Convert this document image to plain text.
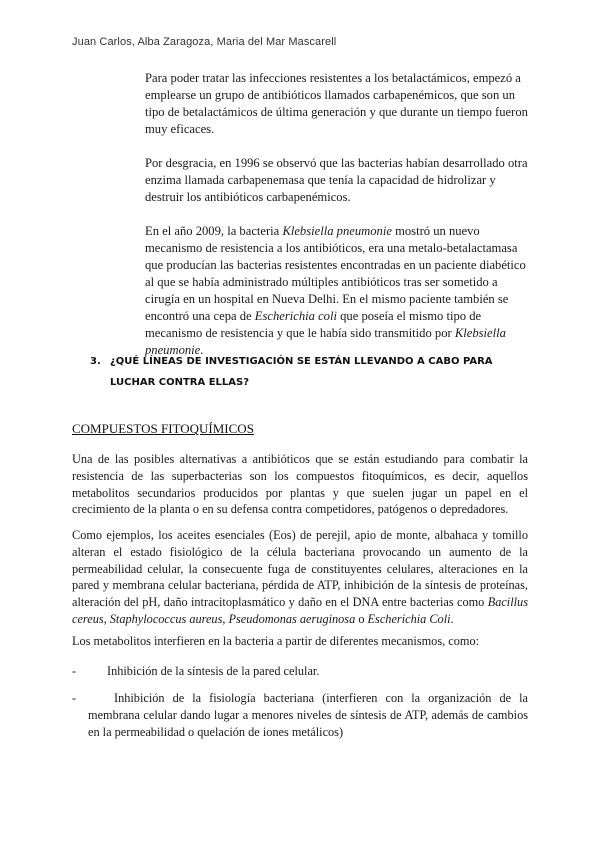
Juan Carlos, Alba Zaragoza, Maria del Mar Mascarell

Para poder tratar las infecciones resistentes a los betalactámicos, empezó a emplearse un grupo de antibióticos llamados carbapenémicos, que son un tipo de betalactámicos de última generación y que durante un tiempo fueron muy eficaces.

Por desgracia, en 1996 se observó que las bacterias habían desarrollado otra enzima llamada carbapenemasa que tenía la capacidad de hidrolizar y destruir los antibióticos carbapenémicos.

En el año 2009, la bacteria Klebsiella pneumonie mostró un nuevo mecanismo de resistencia a los antibióticos, era una metalo-betalactamasa que producían las bacterias resistentes encontradas en un paciente diabético al que se había administrado múltiples antibióticos tras ser sometido a cirugía en un hospital en Nueva Delhi. En el mismo paciente también se encontró una cepa de Escherichia coli que poseía el mismo tipo de mecanismo de resistencia y que le había sido transmitido por Klebsiella pneumonie.

3. ¿QUÉ LÍNEAS DE INVESTIGACIÓN SE ESTÁN LLEVANDO A CABO PARA LUCHAR CONTRA ELLAS?
COMPUESTOS FITOQUÍMICOS
Una de las posibles alternativas a antibióticos que se están estudiando para combatir la resistencia de las superbacterias son los compuestos fitoquímicos, es decir, aquellos metabolitos secundarios producidos por plantas y que suelen jugar un papel en el crecimiento de la planta o en su defensa contra competidores, patógenos o depredadores.
Como ejemplos, los aceites esenciales (Eos) de perejil, apio de monte, albahaca y tomillo alteran el estado fisiológico de la célula bacteriana provocando un aumento de la permeabilidad celular, la consecuente fuga de constituyentes celulares, alteraciones en la pared y membrana celular bacteriana, pérdida de ATP, inhibición de la síntesis de proteínas, alteración del pH, daño intracitoplasmático y daño en el DNA entre bacterias como Bacillus cereus, Staphylococcus aureus, Pseudomonas aeruginosa o Escherichia Coli.
Los metabolitos interfieren en la bacteria a partir de diferentes mecanismos, como:
-	Inhibición de la síntesis de la pared celular.
-	Inhibición de la fisiología bacteriana (interfieren con la organización de la membrana celular dando lugar a menores niveles de síntesis de ATP, además de cambios en la permeabilidad o quelación de iones metálicos)
